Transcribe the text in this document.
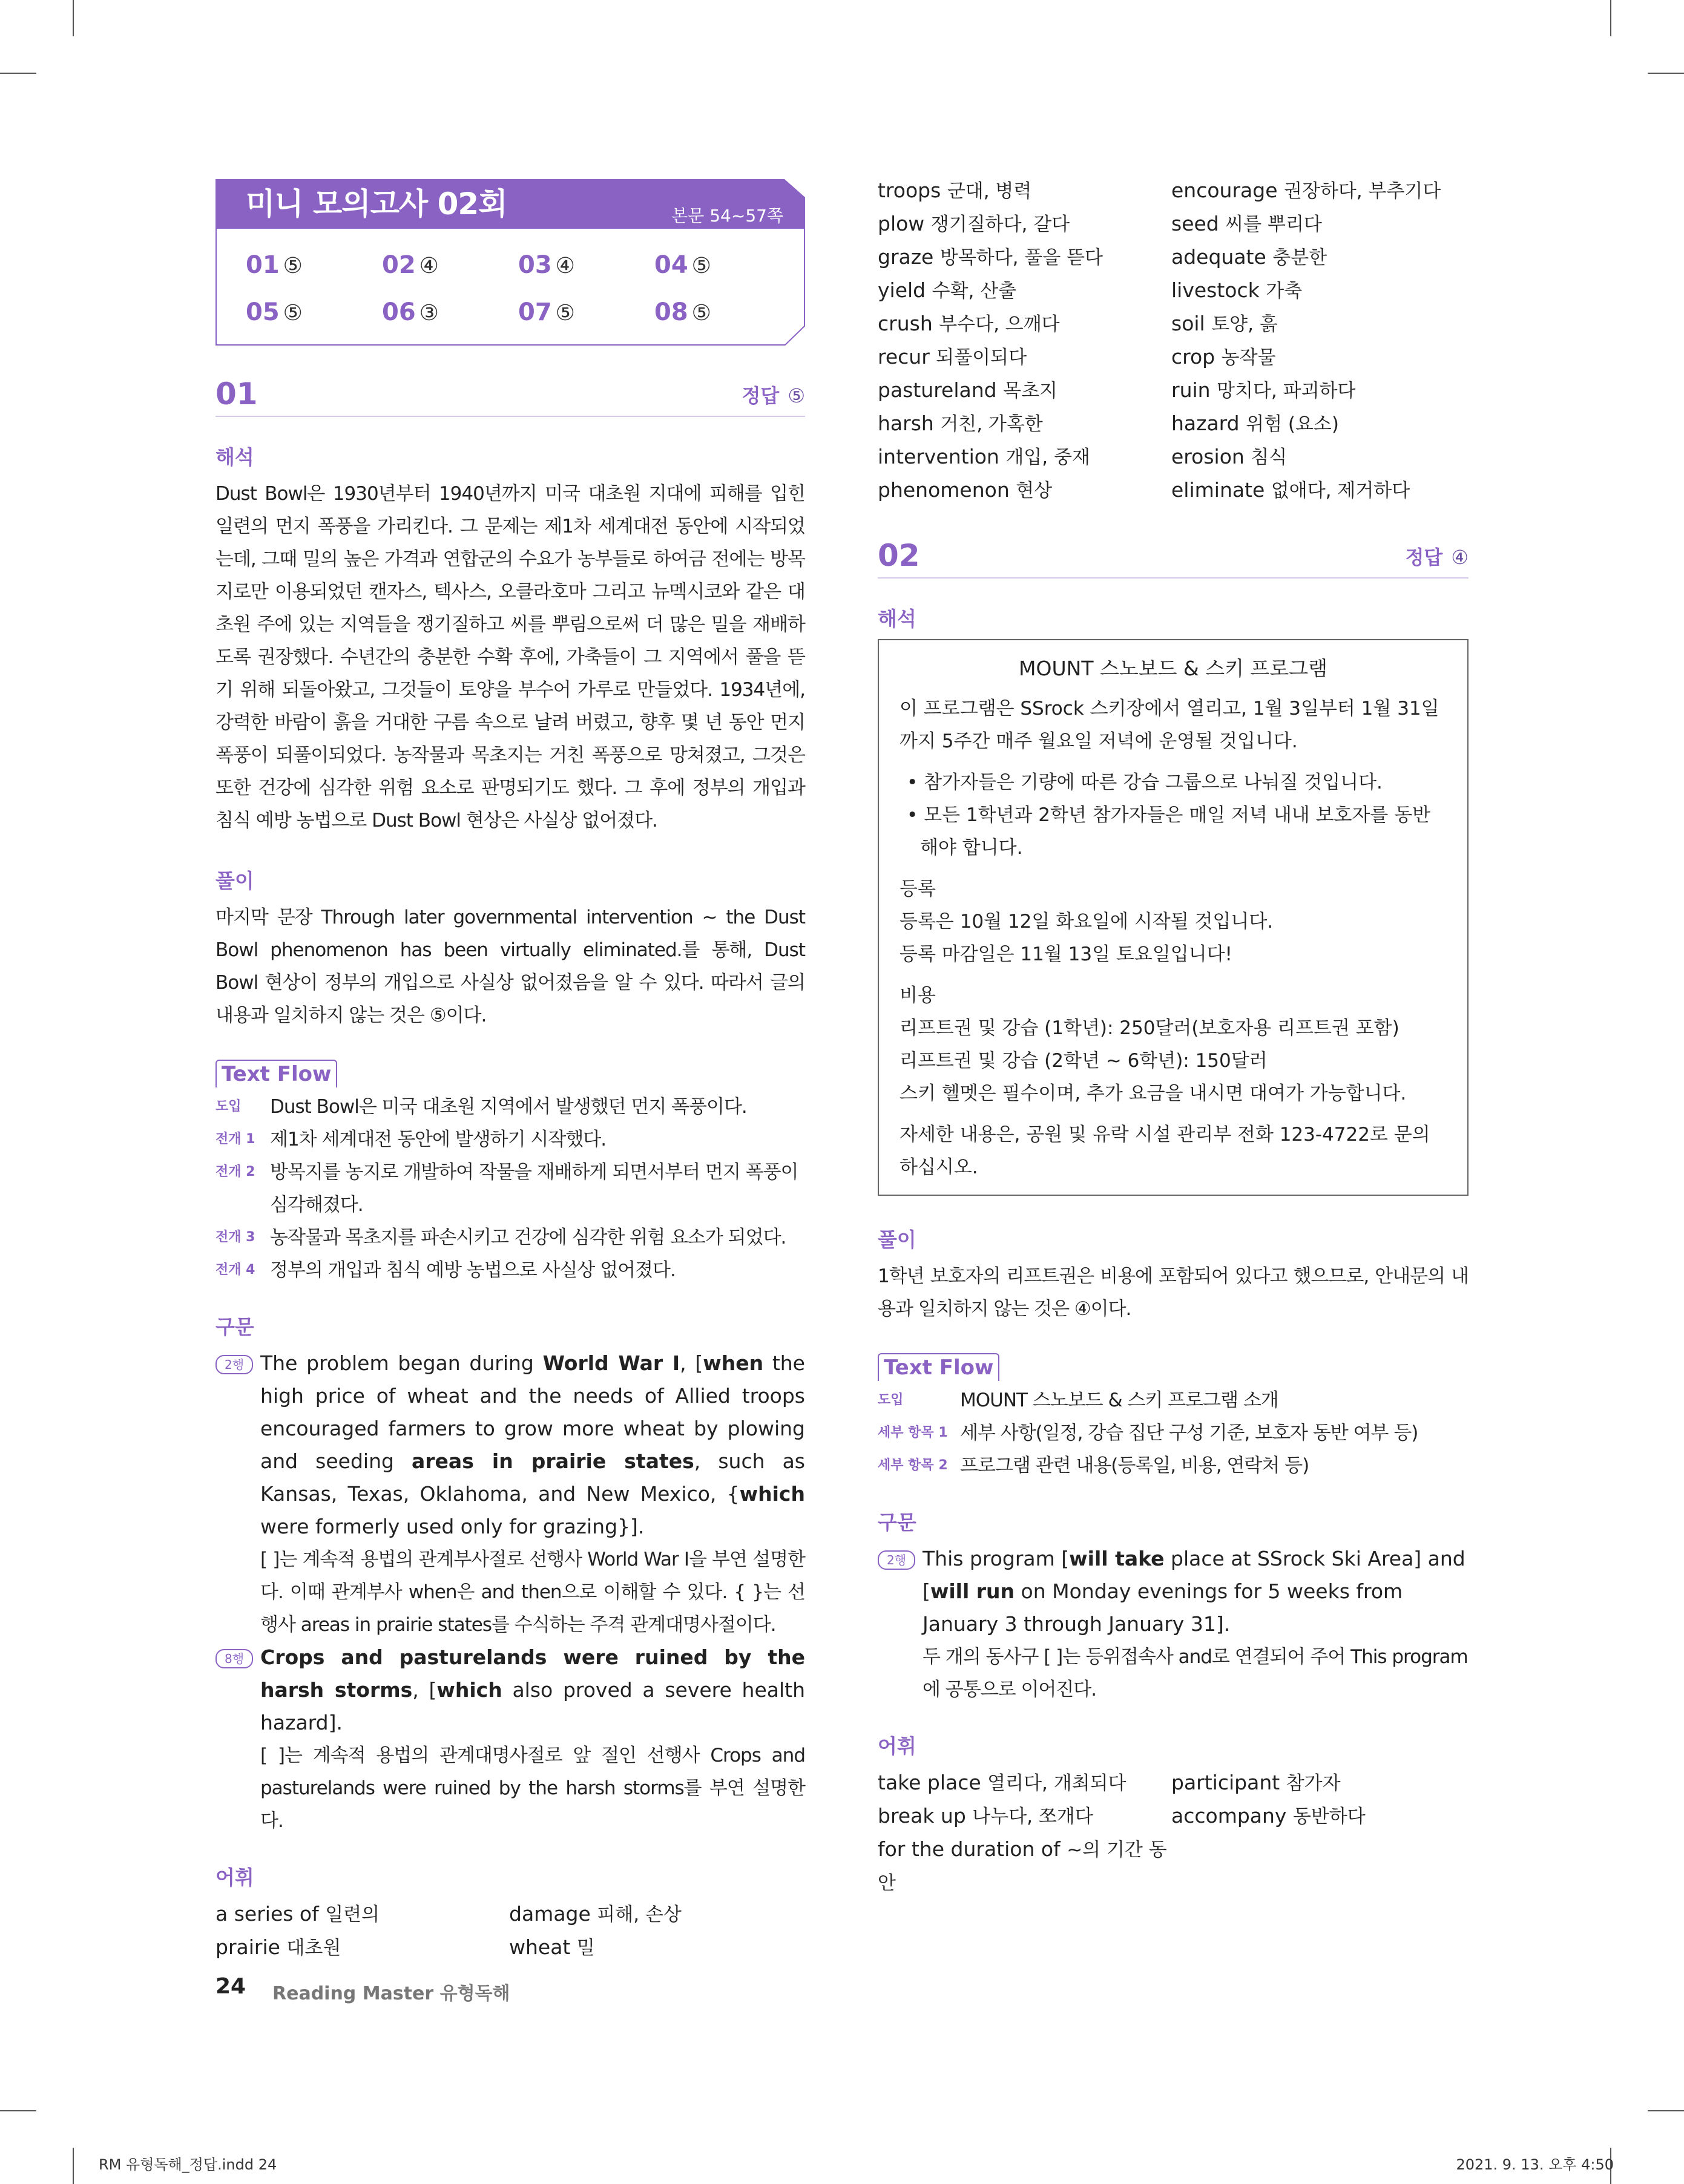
미니 모의고사 02회	본문 54~57쪽
01 ⑤	02 ④	03 ④	04 ⑤
05 ⑤	06 ③	07 ⑤	08 ⑤
01	정답 ⑤
해석
Dust Bowl은 1930년부터 1940년까지 미국 대초원 지대에 피해를 입힌 일련의 먼지 폭풍을 가리킨다. 그 문제는 제1차 세계대전 동안에 시작되었는데, 그때 밀의 높은 가격과 연합군의 수요가 농부들로 하여금 전에는 방목지로만 이용되었던 캔자스, 텍사스, 오클라호마 그리고 뉴멕시코와 같은 대초원 주에 있는 지역들을 쟁기질하고 씨를 뿌림으로써 더 많은 밀을 재배하도록 권장했다. 수년간의 충분한 수확 후에, 가축들이 그 지역에서 풀을 뜯기 위해 되돌아왔고, 그것들이 토양을 부수어 가루로 만들었다. 1934년에, 강력한 바람이 흙을 거대한 구름 속으로 날려 버렸고, 향후 몇 년 동안 먼지 폭풍이 되풀이되었다. 농작물과 목초지는 거친 폭풍으로 망쳐졌고, 그것은 또한 건강에 심각한 위험 요소로 판명되기도 했다. 그 후에 정부의 개입과 침식 예방 농법으로 Dust Bowl 현상은 사실상 없어졌다.
풀이
마지막 문장 Through later governmental intervention ~ the Dust Bowl phenomenon has been virtually eliminated.를 통해, Dust Bowl 현상이 정부의 개입으로 사실상 없어졌음을 알 수 있다. 따라서 글의 내용과 일치하지 않는 것은 ⑤이다.
Text Flow
도입	Dust Bowl은 미국 대초원 지역에서 발생했던 먼지 폭풍이다.
전개 1 제1차 세계대전 동안에 발생하기 시작했다.
전개 2 방목지를 농지로 개발하여 작물을 재배하게 되면서부터 먼지 폭풍이 심각해졌다.
전개 3 농작물과 목초지를 파손시키고 건강에 심각한 위험 요소가 되었다.
전개 4 정부의 개입과 침식 예방 농법으로 사실상 없어졌다.
구문
2행 The problem began during World War I, [when the high price of wheat and the needs of Allied troops encouraged farmers to grow more wheat by plowing and seeding areas in prairie states, such as Kansas, Texas, Oklahoma, and New Mexico, {which were formerly used only for grazing}].
[ ]는 계속적 용법의 관계부사절로 선행사 World War I을 부연 설명한다. 이때 관계부사 when은 and then으로 이해할 수 있다. { }는 선행사 areas in prairie states를 수식하는 주격 관계대명사절이다.
8행 Crops and pasturelands were ruined by the harsh storms, [which also proved a severe health hazard].
[ ]는 계속적 용법의 관계대명사절로 앞 절인 선행사 Crops and pasturelands were ruined by the harsh storms를 부연 설명한다.
어휘
a series of 일련의	damage 피해, 손상
prairie 대초원	wheat 밀
troops 군대, 병력	encourage 권장하다, 부추기다
plow 쟁기질하다, 갈다	seed 씨를 뿌리다
graze 방목하다, 풀을 뜯다	adequate 충분한
yield 수확, 산출	livestock 가축
crush 부수다, 으깨다	soil 토양, 흙
recur 되풀이되다	crop 농작물
pastureland 목초지	ruin 망치다, 파괴하다
harsh 거친, 가혹한	hazard 위험 (요소)
intervention 개입, 중재	erosion 침식
phenomenon 현상	eliminate 없애다, 제거하다
02	정답 ④
해석
MOUNT 스노보드 & 스키 프로그램

이 프로그램은 SSrock 스키장에서 열리고, 1월 3일부터 1월 31일까지 5주간 매주 월요일 저녁에 운영될 것입니다.

• 참가자들은 기량에 따른 강습 그룹으로 나눠질 것입니다.
• 모든 1학년과 2학년 참가자들은 매일 저녁 내내 보호자를 동반해야 합니다.
등록
등록은 10월 12일 화요일에 시작될 것입니다.
등록 마감일은 11월 13일 토요일입니다!
비용
리프트권 및 강습 (1학년): 250달러(보호자용 리프트권 포함)
리프트권 및 강습 (2학년 ~ 6학년): 150달러
스키 헬멧은 필수이며, 추가 요금을 내시면 대여가 가능합니다.
자세한 내용은, 공원 및 유락 시설 관리부 전화 123-4722로 문의하십시오.
풀이
1학년 보호자의 리프트권은 비용에 포함되어 있다고 했으므로, 안내문의 내용과 일치하지 않는 것은 ④이다.
Text Flow
도입	MOUNT 스노보드 & 스키 프로그램 소개
세부 항목 1 세부 사항(일정, 강습 집단 구성 기준, 보호자 동반 여부 등)
세부 항목 2 프로그램 관련 내용(등록일, 비용, 연락처 등)
구문
2행 This program [will take place at SSrock Ski Area] and [will run on Monday evenings for 5 weeks from January 3 through January 31].
두 개의 동사구 [ ]는 등위접속사 and로 연결되어 주어 This program에 공통으로 이어진다.
어휘
take place 열리다, 개최되다	participant 참가자
break up 나누다, 쪼개다	accompany 동반하다
for the duration of ~의 기간 동안
24 Reading Master 유형독해
RM 유형독해_정답.indd 24	2021. 9. 13. 오후 4:50
